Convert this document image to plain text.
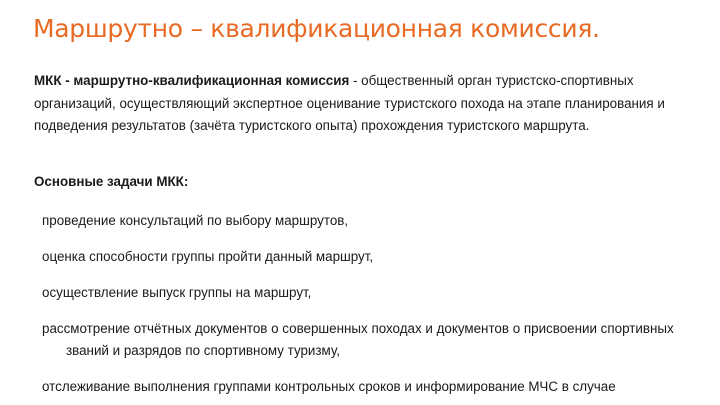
Маршрутно – квалификационная комиссия.

МКК - маршрутно-квалификационная комиссия - общественный орган туристско-спортивных организаций, осуществляющий экспертное оценивание туристского похода на этапе планирования и подведения результатов (зачёта туристского опыта) прохождения туристского маршрута.

Основные задачи МКК:

проведение консультаций по выбору маршрутов,
оценка способности группы пройти данный маршрут,
осуществление выпуск группы на маршрут,
рассмотрение отчётных документов о совершенных походах и документов о присвоении спортивных званий и разрядов по спортивному туризму,
отслеживание выполнения группами контрольных сроков и информирование МЧС в случае
